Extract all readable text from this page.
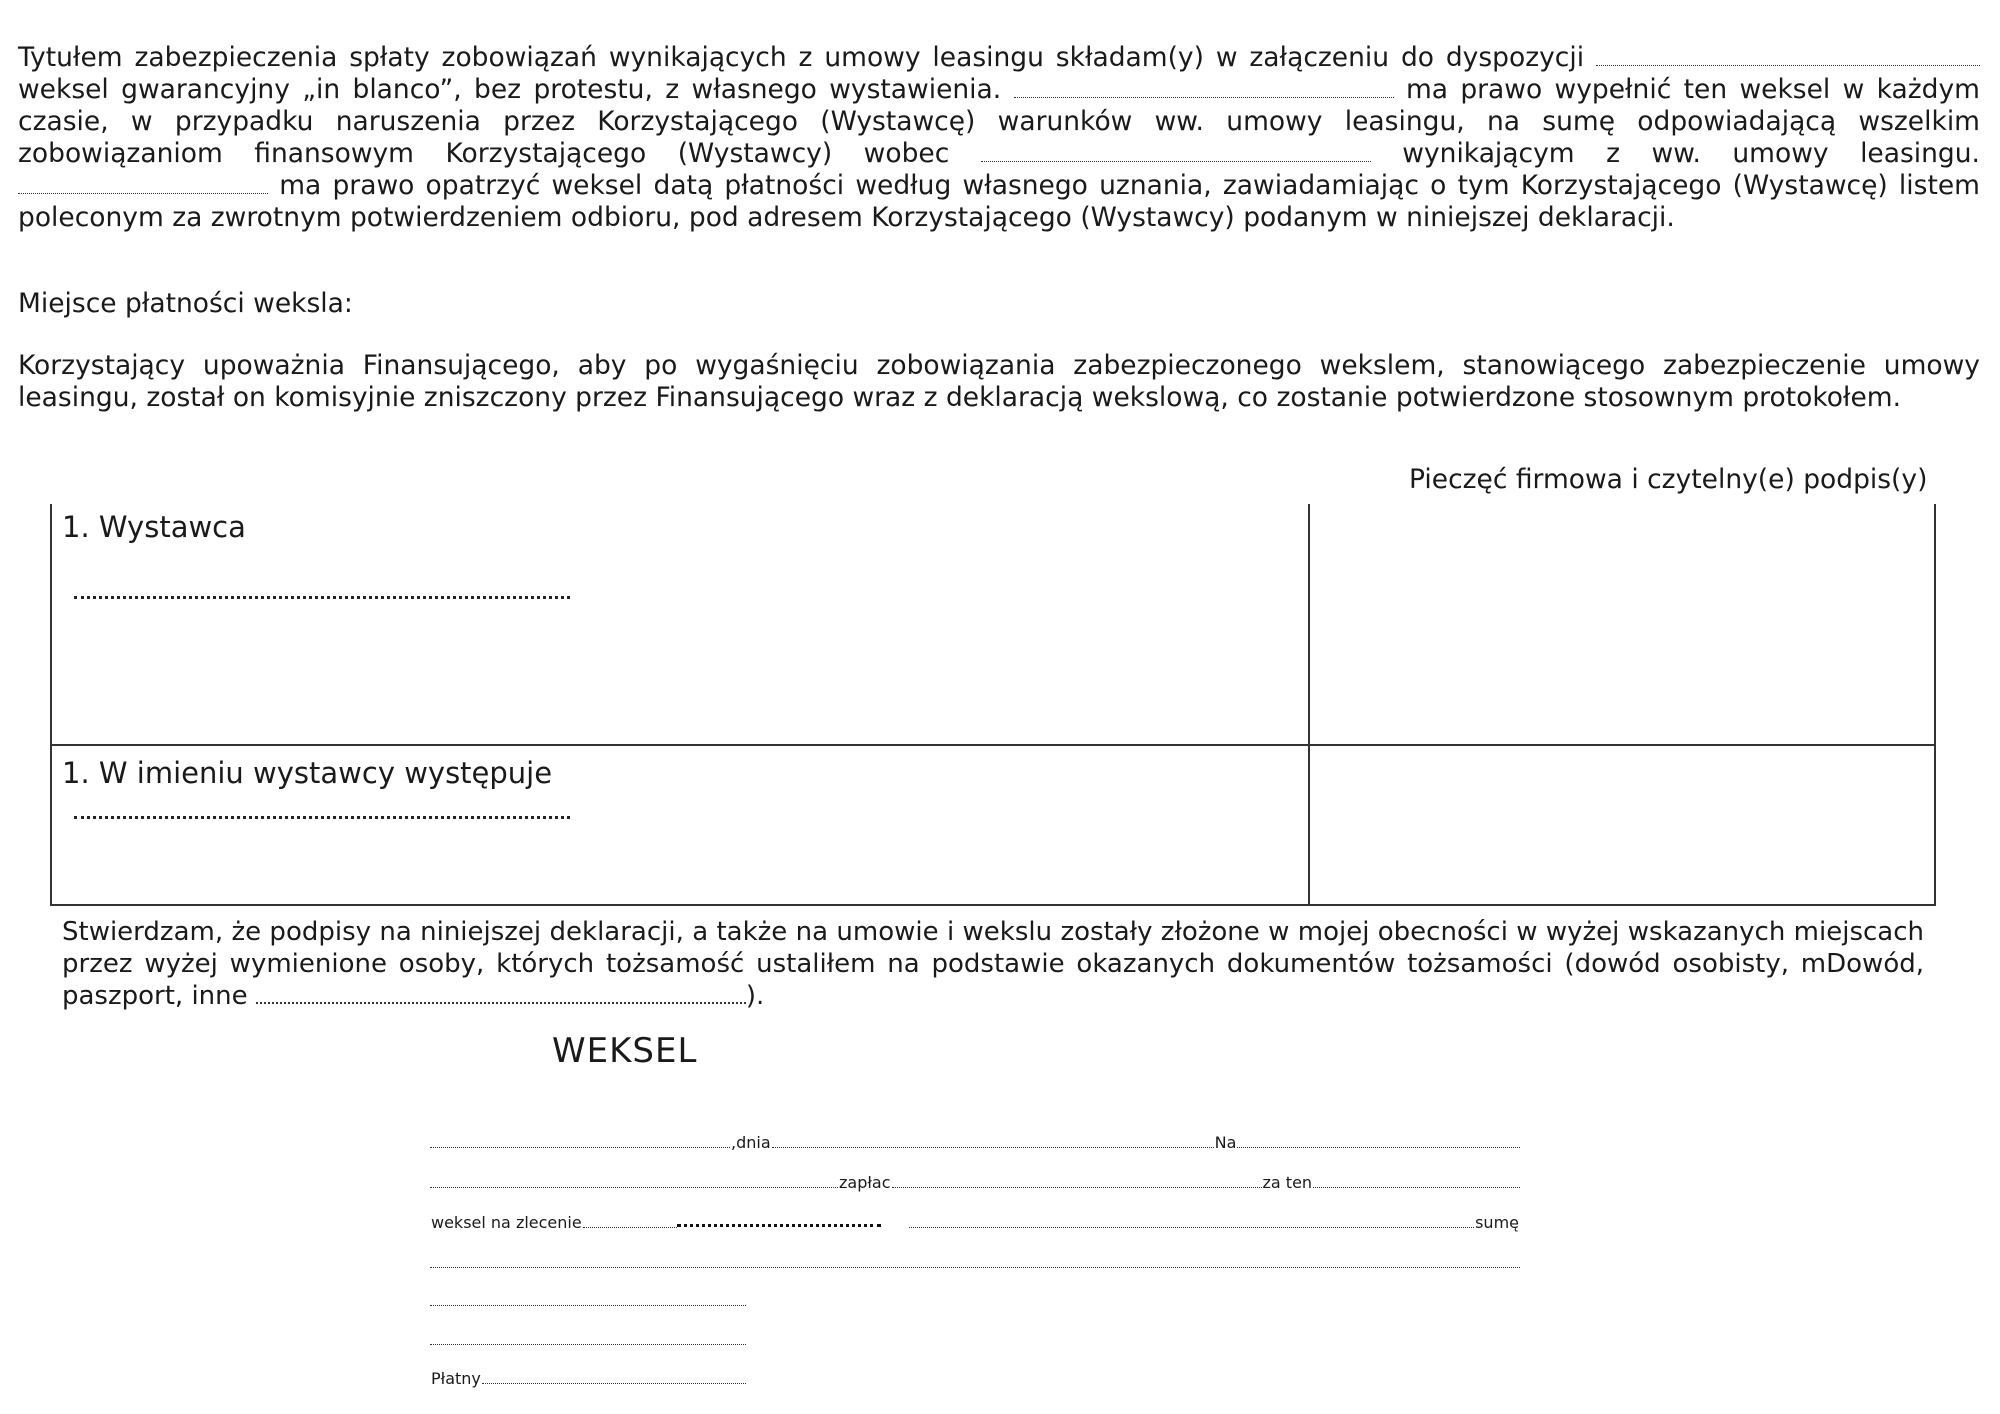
Tytułem zabezpieczenia spłaty zobowiązań wynikających z umowy leasingu składam(y) w załączeniu do dyspozycji  weksel gwarancyjny „in blanco”, bez protestu, z własnego wystawienia.	ma prawo wypełnić ten weksel w każdym czasie, w przypadku naruszenia przez Korzystającego (Wystawcę) warunków ww. umowy leasingu, na sumę odpowiadającą wszelkim zobowiązaniom finansowym Korzystającego (Wystawcy) wobec	wynikającym z ww. umowy leasingu.  ma prawo opatrzyć weksel datą płatności według własnego uznania, zawiadamiając o tym Korzystającego (Wystawcę) listem poleconym za zwrotnym potwierdzeniem odbioru, pod adresem Korzystającego (Wystawcy) podanym w niniejszej deklaracji.
Miejsce płatności weksla:
Korzystający upoważnia Finansującego, aby po wygaśnięciu zobowiązania zabezpieczonego wekslem, stanowiącego zabezpieczenie umowy leasingu, został on komisyjnie zniszczony przez Finansującego wraz z deklaracją wekslową, co zostanie potwierdzone stosownym protokołem.
Pieczęć firmowa i czytelny(e) podpis(y)
1. Wystawca
1. W imieniu wystawcy występuje
Stwierdzam, że podpisy na niniejszej deklaracji, a także na umowie i wekslu zostały złożone w mojej obecności w wyżej wskazanych miejscach przez wyżej wymienione osoby, których tożsamość ustaliłem na podstawie okazanych dokumentów tożsamości (dowód osobisty, mDowód, paszport, inne	).
WEKSEL
,dnia	Na
zapłac	za ten
weksel na zlecenie	sumę
Płatny
